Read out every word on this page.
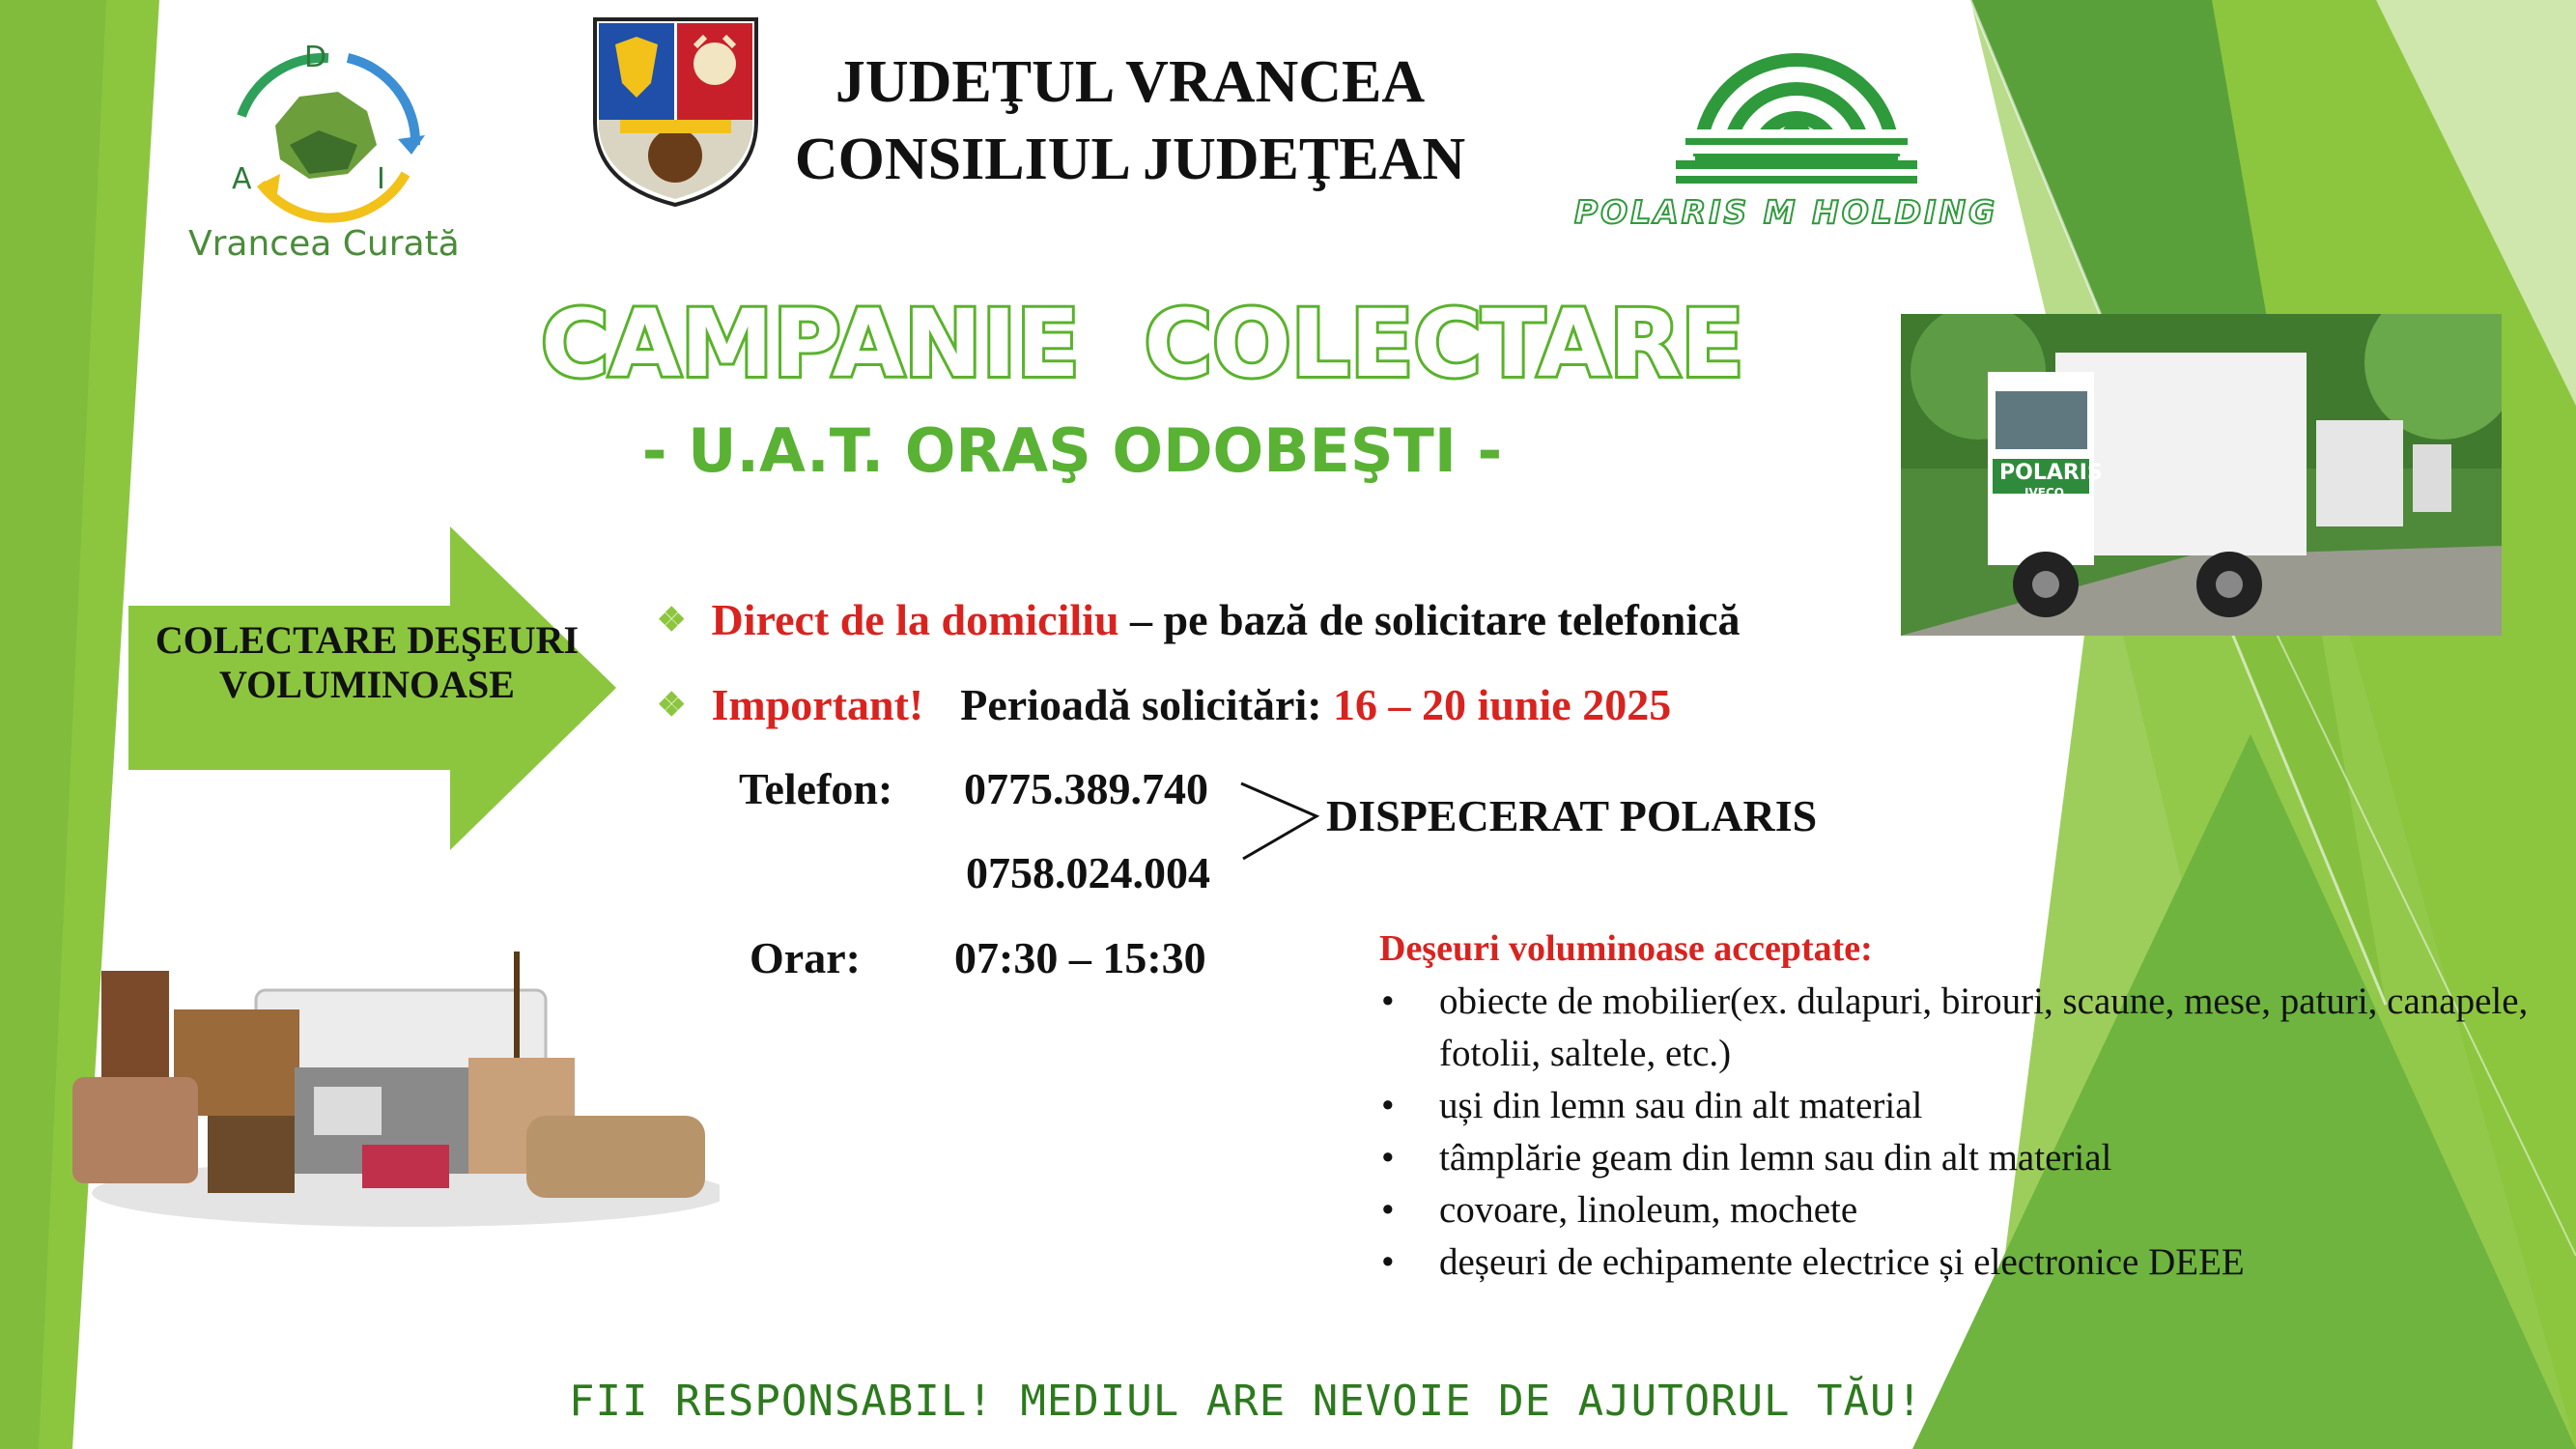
D
A	I
Vrancea Curată
JUDEŢUL VRANCEA
CONSILIUL JUDEŢEAN
POLARIS M HOLDING
CAMPANIE  COLECTARE
- U.A.T. ORAŞ ODOBEŞTI -	POLARIS
IVECO
COLECTARE DEŞEURI VOLUMINOASE
❖ Direct de la domiciliu – pe bază de solicitare telefonică
❖ Important! Perioadă solicitări: 16 – 20 iunie 2025
Telefon: 0775.389.740
0758.024.004
DISPECERAT POLARIS
Orar: 07:30 – 15:30	Deşeuri voluminoase acceptate:
• obiecte de mobilier(ex. dulapuri, birouri, scaune, mese, paturi, canapele, fotolii, saltele, etc.)
• uși din lemn sau din alt material
• tâmplărie geam din lemn sau din alt material
• covoare, linoleum, mochete
• deșeuri de echipamente electrice și electronice DEEE
FII RESPONSABIL! MEDIUL ARE NEVOIE DE AJUTORUL TĂU!
